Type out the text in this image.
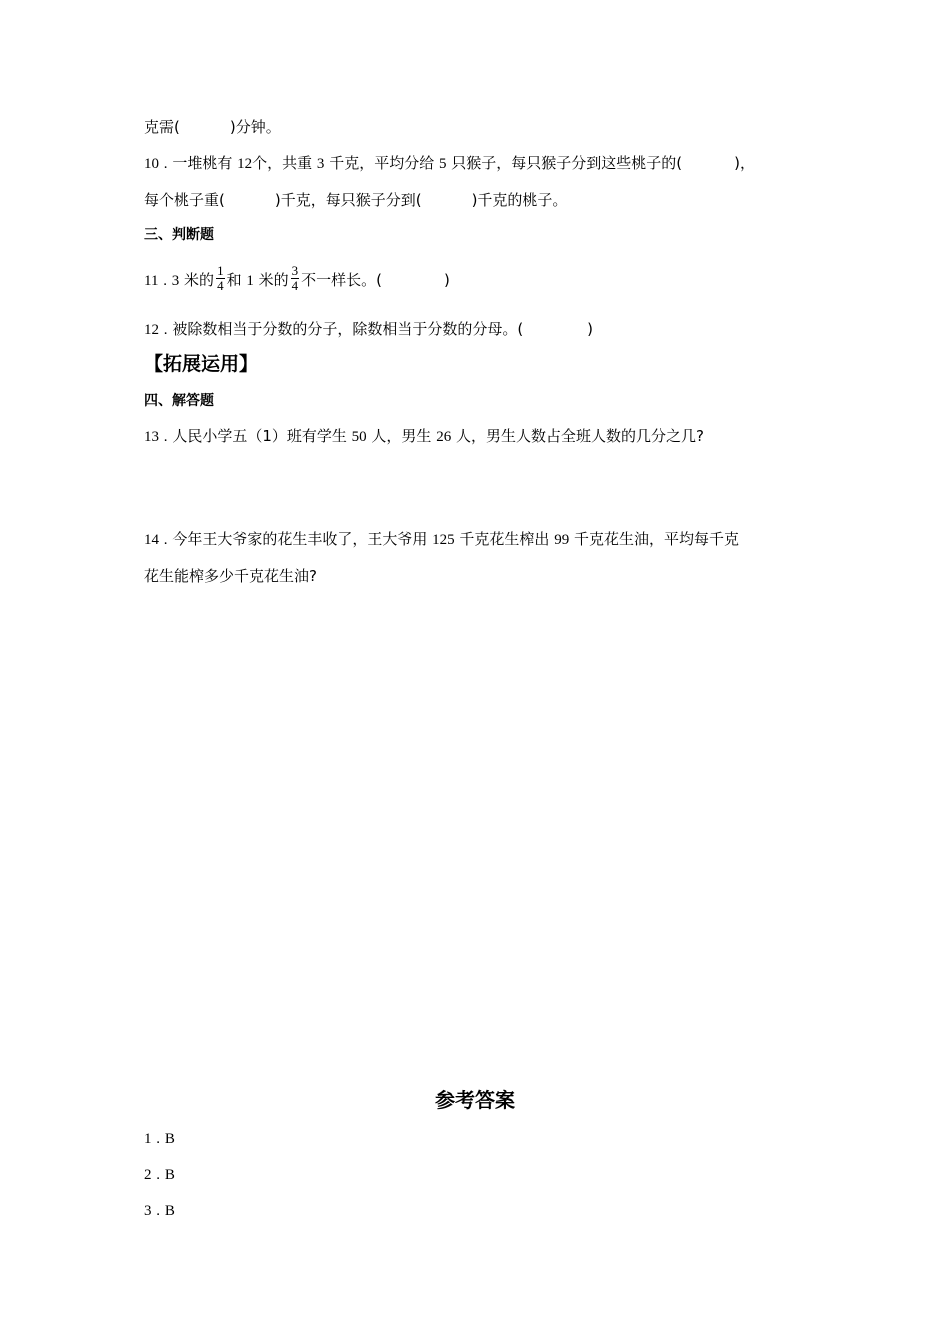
克需(	)分钟。
10 . 一堆桃有 12个，共重 3 千克，平均分给 5 只猴子，每只猴子分到这些桃子的(	)，
每个桃子重(	)千克，每只猴子分到(	)千克的桃子。
三、判断题
11 . 3 米的 $\frac{1}{4}$ 和 1 米的 $\frac{3}{4}$ 不一样长。(	)
12 . 被除数相当于分数的分子，除数相当于分数的分母。(	)
【拓展运用】
四、解答题
13 . 人民小学五（1）班有学生 50 人，男生 26 人，男生人数占全班人数的几分之几?
14 . 今年王大爷家的花生丰收了，王大爷用 125 千克花生榨出 99 千克花生油，平均每千克
花生能榨多少千克花生油?
参考答案
1 . B
2 . B
3 . B
